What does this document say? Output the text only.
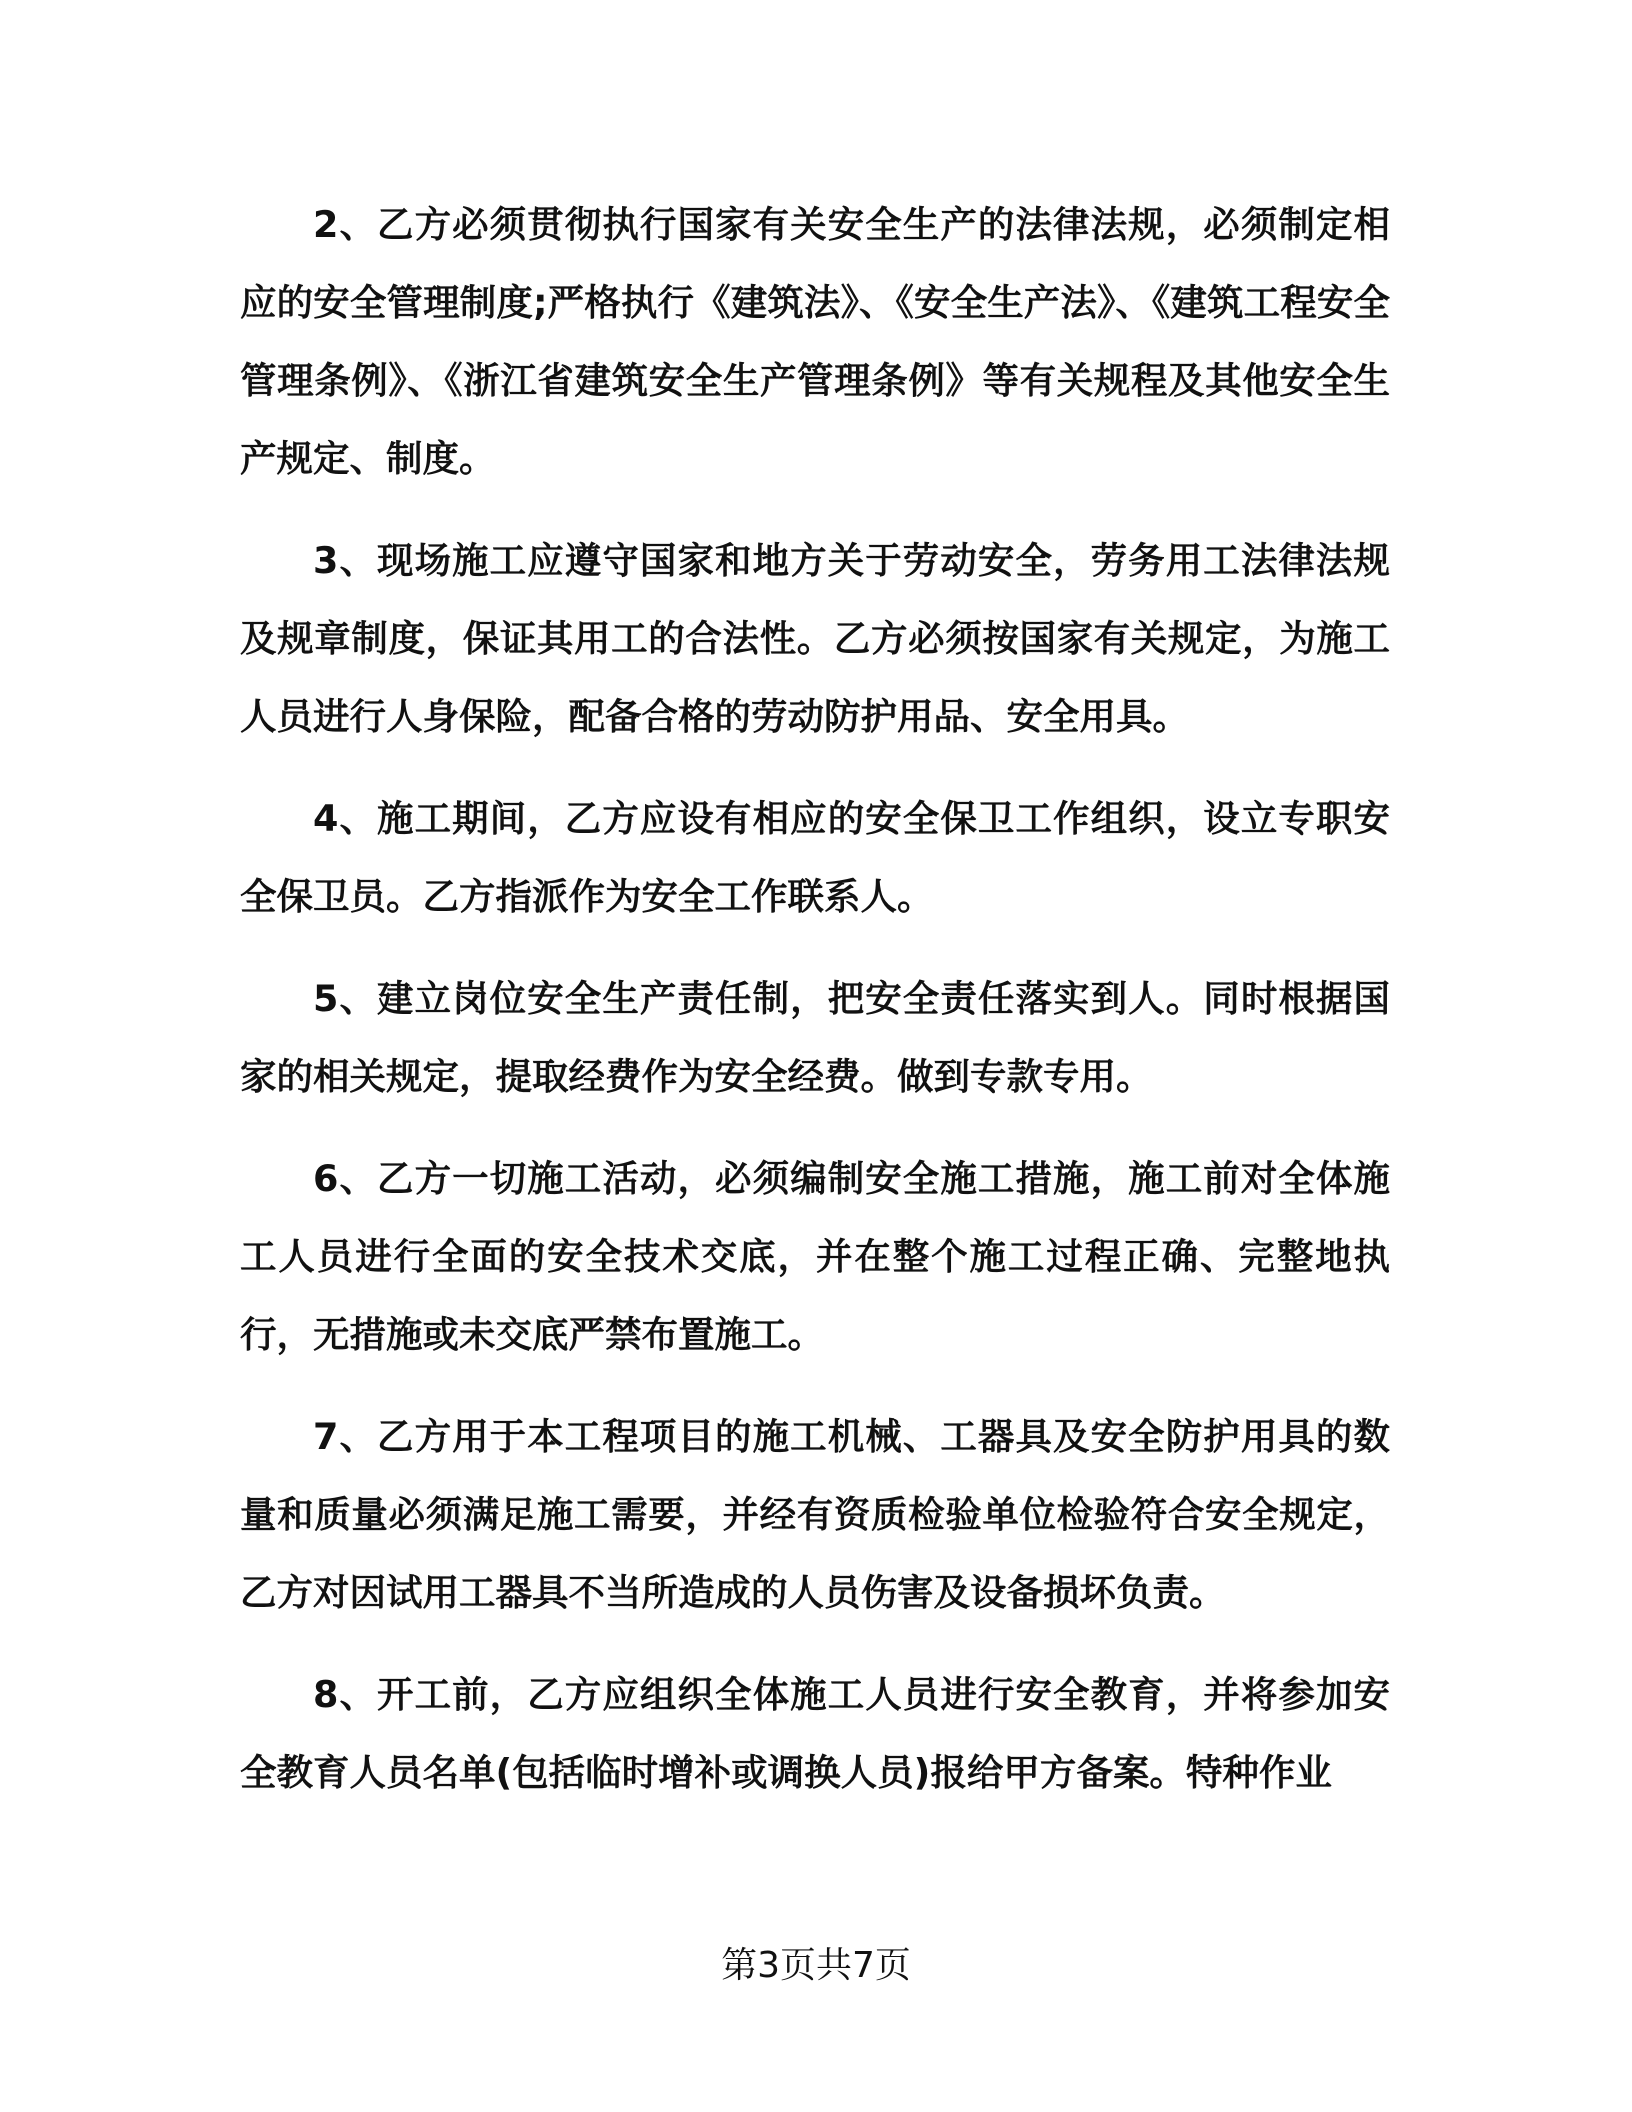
2、乙方必须贯彻执行国家有关安全生产的法律法规，必须制定相应的安全管理制度;严格执行《建筑法》、《安全生产法》、《建筑工程安全管理条例》、《浙江省建筑安全生产管理条例》等有关规程及其他安全生产规定、制度。

3、现场施工应遵守国家和地方关于劳动安全，劳务用工法律法规及规章制度，保证其用工的合法性。乙方必须按国家有关规定，为施工人员进行人身保险，配备合格的劳动防护用品、安全用具。

4、施工期间，乙方应设有相应的安全保卫工作组织，设立专职安全保卫员。乙方指派作为安全工作联系人。

5、建立岗位安全生产责任制，把安全责任落实到人。同时根据国家的相关规定，提取经费作为安全经费。做到专款专用。

6、乙方一切施工活动，必须编制安全施工措施，施工前对全体施工人员进行全面的安全技术交底，并在整个施工过程正确、完整地执行，无措施或未交底严禁布置施工。

7、乙方用于本工程项目的施工机械、工器具及安全防护用具的数量和质量必须满足施工需要，并经有资质检验单位检验符合安全规定，乙方对因试用工器具不当所造成的人员伤害及设备损坏负责。

8、开工前，乙方应组织全体施工人员进行安全教育，并将参加安全教育人员名单(包括临时增补或调换人员)报给甲方备案。特种作业

第3页共7页
